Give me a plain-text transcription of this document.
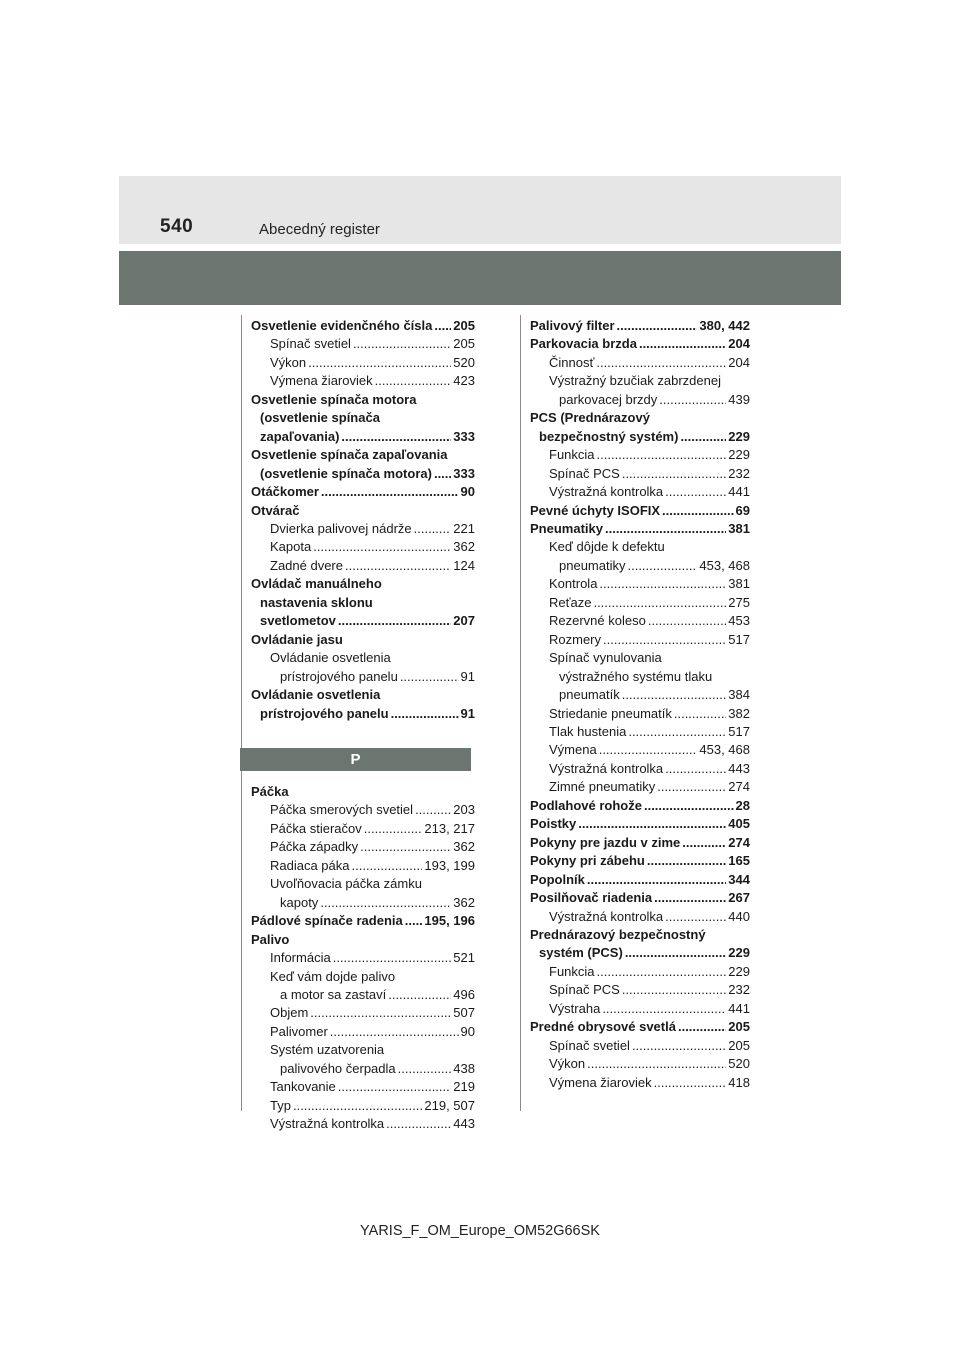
540	Abecedný register
Osvetlenie evidenčného čísla ..... 205
Spínač svetiel .....	205
Výkon .....	520
Výmena žiaroviek .....	423
Osvetlenie spínača motora
(osvetlenie spínača
zapaľovania) .....	333
Osvetlenie spínača zapaľovania
(osvetlenie spínača motora) ..... 333
Otáčkomer .....	90
Otvárač
Dvierka palivovej nádrže .....	221
Kapota .....	362
Zadné dvere .....	124
Ovládač manuálneho
nastavenia sklonu
svetlometov .....	207
Ovládanie jasu
Ovládanie osvetlenia
prístrojového panelu .....	91
Ovládanie osvetlenia
prístrojového panelu .....	91
P
Páčka
Páčka smerových svetiel .....	203
Páčka stieračov .....	213, 217
Páčka západky .....	362
Radiaca páka .....	193, 199
Uvoľňovacia páčka zámku
kapoty .....	362
Pádlové spínače radenia ..... 195, 196
Palivo
Informácia .....	521
Keď vám dojde palivo
a motor sa zastaví .....	496
Objem .....	507
Palivomer .....	90
Systém uzatvorenia
palivového čerpadla .....	438
Tankovanie .....	219
Typ .....	219, 507
Výstražná kontrolka .....	443
Palivový filter .....	380, 442
Parkovacia brzda .....	204
Činnosť .....	204
Výstražný bzučiak zabrzdenej
parkovacej brzdy .....	439
PCS (Prednárazový
bezpečnostný systém) .....	229
Funkcia .....	229
Spínač PCS .....	232
Výstražná kontrolka .....	441
Pevné úchyty ISOFIX .....	69
Pneumatiky .....	381
Keď dôjde k defektu
pneumatiky .....	453, 468
Kontrola .....	381
Reťaze .....	275
Rezervné koleso .....	453
Rozmery .....	517
Spínač vynulovania
výstražného systému tlaku
pneumatík .....	384
Striedanie pneumatík .....	382
Tlak hustenia .....	517
Výmena .....	453, 468
Výstražná kontrolka .....	443
Zimné pneumatiky .....	274
Podlahové rohože .....	28
Poistky .....	405
Pokyny pre jazdu v zime .....	274
Pokyny pri zábehu .....	165
Popolník .....	344
Posilňovač riadenia .....	267
Výstražná kontrolka .....	440
Prednárazový bezpečnostný
systém (PCS) .....	229
Funkcia .....	229
Spínač PCS .....	232
Výstraha .....	441
Predné obrysové svetlá .....	205
Spínač svetiel .....	205
Výkon .....	520
Výmena žiaroviek .....	418
YARIS_F_OM_Europe_OM52G66SK
